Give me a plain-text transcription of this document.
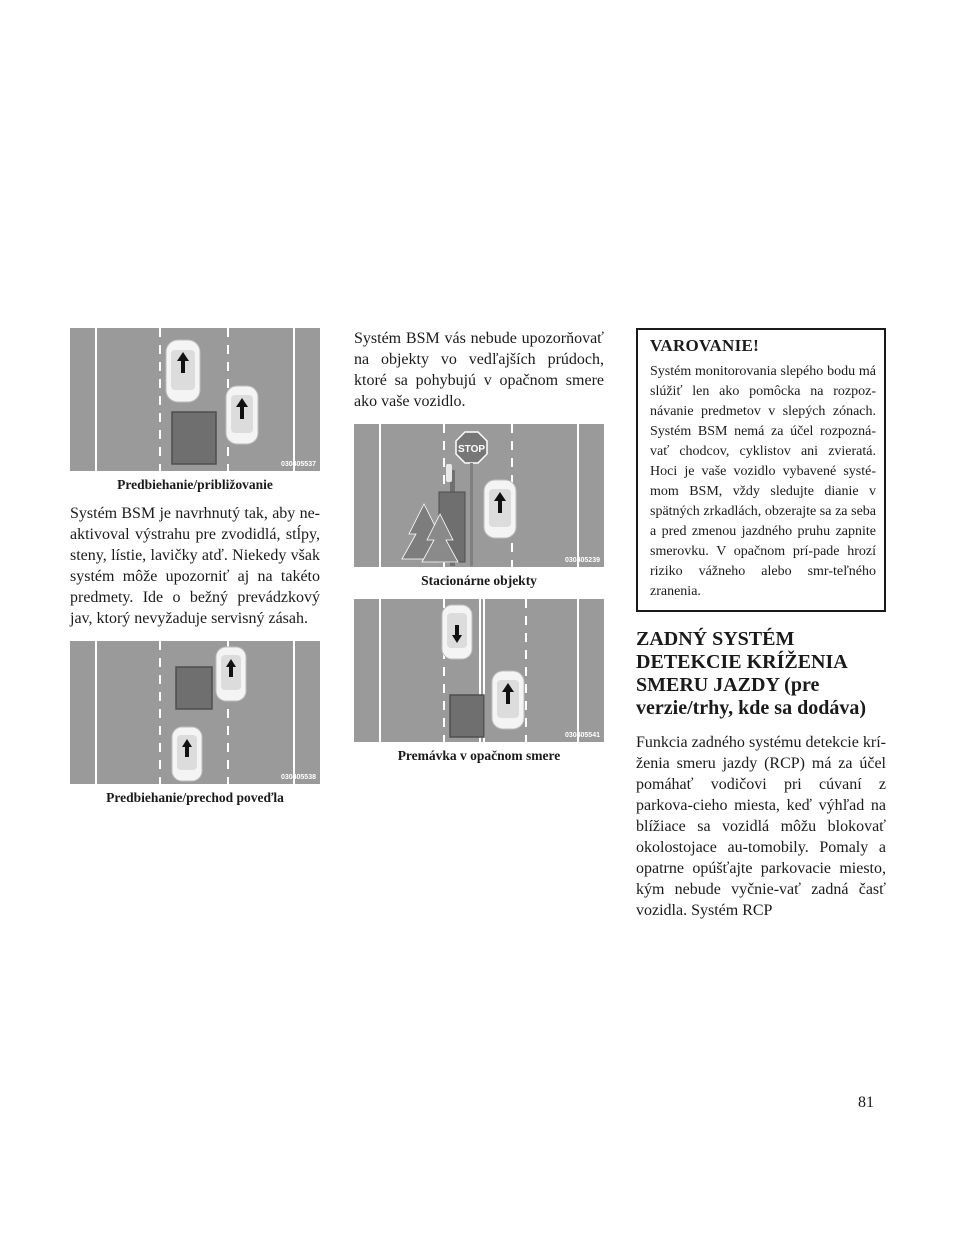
030405537
Predbiehanie/približovanie

Systém BSM je navrhnutý tak, aby ne-aktivoval výstrahu pre zvodidlá, stĺpy, steny, lístie, lavičky atď. Niekedy však systém môže upozorniť aj na takéto predmety. Ide o bežný prevádzkový jav, ktorý nevyžaduje servisný zásah.

030405538
Predbiehanie/prechod poveďla

Systém BSM vás nebude upozorňovať na objekty vo vedľajších prúdoch, ktoré sa pohybujú v opačnom smere ako vaše vozidlo.

STOP
030405239
Stacionárne objekty
030405541
Premávka v opačnom smere

VAROVANIE!

Systém monitorovania slepého bodu má slúžiť len ako pomôcka na rozpoz-návanie predmetov v slepých zónach. Systém BSM nemá za účel rozpozná-vať chodcov, cyklistov ani zvieratá. Hoci je vaše vozidlo vybavené systé-mom BSM, vždy sledujte dianie v spätných zrkadlách, obzerajte sa za seba a pred zmenou jazdného pruhu zapnite smerovku. V opačnom prí-pade hrozí riziko vážneho alebo smr-teľného zranenia.

ZADNÝ SYSTÉM DETEKCIE KRÍŽENIA SMERU JAZDY (pre verzie/trhy, kde sa dodáva)

Funkcia zadného systému detekcie krí-ženia smeru jazdy (RCP) má za účel pomáhať vodičovi pri cúvaní z parkova-cieho miesta, keď výhľad na blížiace sa vozidlá môžu blokovať okolostojace au-tomobily. Pomaly a opatrne opúšťajte parkovacie miesto, kým nebude vyčnie-vať zadná časť vozidla. Systém RCP

81
